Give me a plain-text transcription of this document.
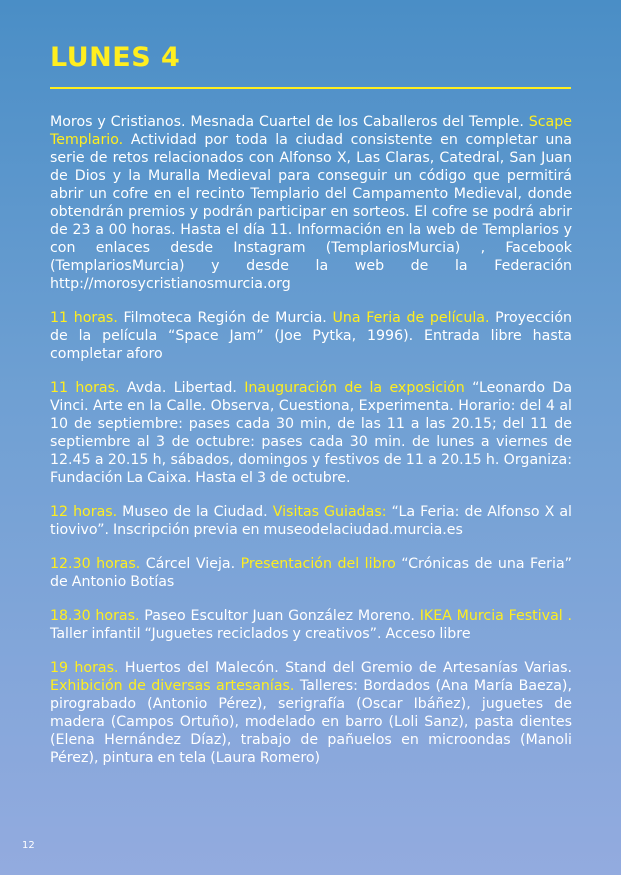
LUNES 4

Moros y Cristianos. Mesnada Cuartel de los Caballeros del Temple. Scape Templario. Actividad por toda la ciudad consistente en completar una serie de retos relacionados con Alfonso X, Las Claras, Catedral, San Juan de Dios y la Muralla Medieval para conseguir un código que permitirá abrir un cofre en el recinto Templario del Campamento Medieval, donde obtendrán premios y podrán participar en sorteos. El cofre se podrá abrir de 23 a 00 horas. Hasta el día 11. Información en la web de Templarios y con enlaces desde Instagram (TemplariosMurcia) , Facebook (TemplariosMurcia) y desde la web de la Federación http://morosycristianosmurcia.org

11 horas. Filmoteca Región de Murcia. Una Feria de película. Proyección de la película “Space Jam” (Joe Pytka, 1996). Entrada libre hasta completar aforo

11 horas. Avda. Libertad. Inauguración de la exposición “Leonardo Da Vinci. Arte en la Calle. Observa, Cuestiona, Experimenta. Horario: del 4 al 10 de septiembre: pases cada 30 min, de las 11 a las 20.15; del 11 de septiembre al 3 de octubre: pases cada 30 min. de lunes a viernes de 12.45 a 20.15 h, sábados, domingos y festivos de 11 a 20.15 h. Organiza: Fundación La Caixa. Hasta el 3 de octubre.

12 horas. Museo de la Ciudad. Visitas Guiadas: “La Feria: de Alfonso X al tiovivo”. Inscripción previa en museodelaciudad.murcia.es

12.30 horas. Cárcel Vieja. Presentación del libro “Crónicas de una Feria” de Antonio Botías

18.30 horas. Paseo Escultor Juan González Moreno. IKEA Murcia Festival . Taller infantil “Juguetes reciclados y creativos”. Acceso libre

19 horas. Huertos del Malecón. Stand del Gremio de Artesanías Varias. Exhibición de diversas artesanías. Talleres: Bordados (Ana María Baeza), pirograbado (Antonio Pérez), serigrafía (Oscar Ibáñez), juguetes de madera (Campos Ortuño), modelado en barro (Loli Sanz), pasta dientes (Elena Hernández Díaz), trabajo de pañuelos en microondas (Manoli Pérez), pintura en tela (Laura Romero)

12
